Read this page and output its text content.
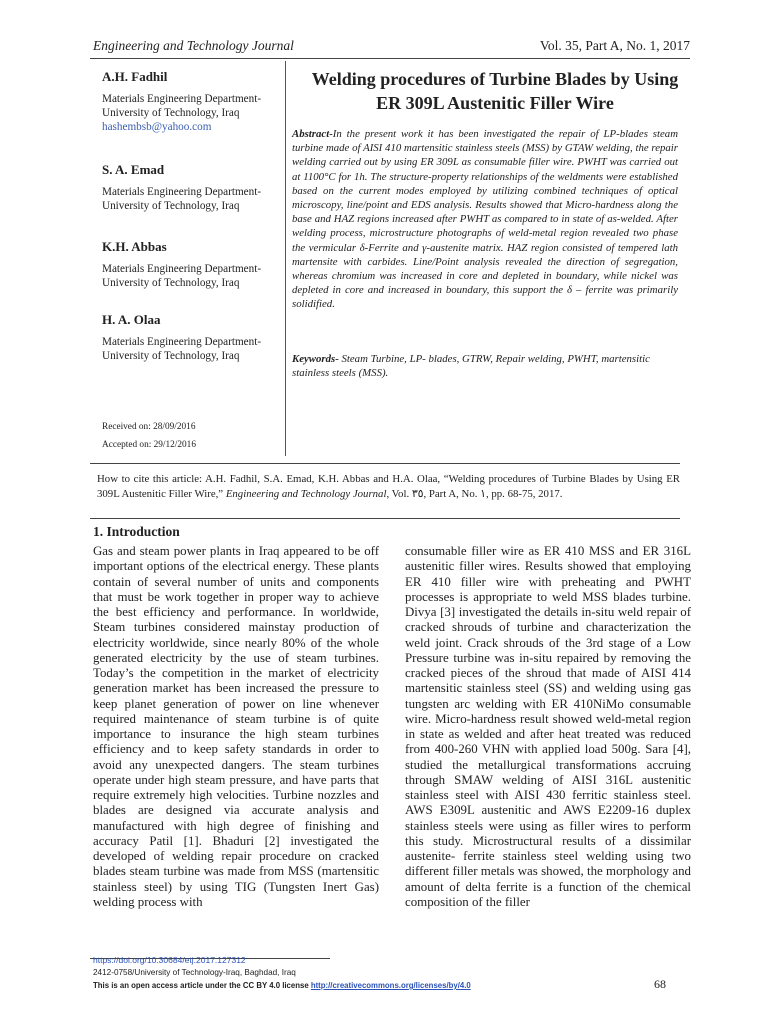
Engineering and Technology Journal	Vol. 35, Part A, No. 1, 2017
A.H. Fadhil
Materials Engineering Department- University of Technology, Iraq
hashembsb@yahoo.com
S. A. Emad
Materials Engineering Department- University of Technology, Iraq
K.H. Abbas
Materials Engineering Department- University of Technology, Iraq
H. A. Olaa
Materials Engineering Department- University of Technology, Iraq
Received on: 28/09/2016
Accepted on: 29/12/2016
Welding procedures of Turbine Blades by Using ER 309L Austenitic Filler Wire
Abstract-In the present work it has been investigated the repair of LP-blades steam turbine made of AISI 410 martensitic stainless steels (MSS) by GTAW welding, the repair welding carried out by using ER 309L as consumable filler wire. PWHT was carried out at 1100°C for 1h. The structure-property relationships of the weldments were established based on the current modes employed by utilizing combined techniques of optical microscopy, line/point and EDS analysis. Results showed that Micro-hardness along the base and HAZ regions increased after PWHT as compared to in state of as-welded. After welding process, microstructure photographs of weld-metal region revealed two phase the vermicular δ-Ferrite and γ-austenite matrix. HAZ region consisted of tempered lath martensite with carbides. Line/Point analysis revealed the direction of segregation, whereas chromium was increased in core and depleted in boundary, while nickel was depleted in core and increased in boundary, this support the δ – ferrite was primarily solidified.
Keywords- Steam Turbine, LP- blades, GTRW, Repair welding, PWHT, martensitic stainless steels (MSS).
How to cite this article: A.H. Fadhil, S.A. Emad, K.H. Abbas and H.A. Olaa, “Welding procedures of Turbine Blades by Using ER 309L Austenitic Filler Wire,” Engineering and Technology Journal, Vol. ٣٥, Part A, No. ١, pp. 68-75, 2017.
1. Introduction

Gas and steam power plants in Iraq appeared to be off important options of the electrical energy. These plants contain of several number of units and components that must be work together in proper way to achieve the best efficiency and performance. In worldwide, Steam turbines considered mainstay production of electricity worldwide, since nearly 80% of the whole generated electricity by the use of steam turbines. Today’s the competition in the market of electricity generation market has been increased the pressure to keep planet generation of power on line whenever required maintenance of steam turbine is of quite importance to insurance the high steam turbines efficiency and to keep safety standards in order to avoid any unexpected dangers. The steam turbines operate under high steam pressure, and have parts that require extremely high velocities. Turbine nozzles and blades are designed via accurate analysis and manufactured with high degree of finishing and accuracy Patil [1]. Bhaduri [2] investigated the developed of welding repair procedure on cracked blades steam turbine was made from MSS (martensitic stainless steel) by using TIG (Tungsten Inert Gas) welding process with

consumable filler wire as ER 410 MSS and ER 316L austenitic filler wires. Results showed that employing ER 410 filler wire with preheating and PWHT processes is appropriate to weld MSS blades turbine. Divya [3] investigated the details in-situ weld repair of cracked shrouds of turbine and characterization the weld joint. Crack shrouds of the 3rd stage of a Low Pressure turbine was in-situ repaired by removing the cracked pieces of the shroud that made of AISI 414 martensitic stainless steel (SS) and welding using gas tungsten arc welding with ER 410NiMo consumable wire. Micro-hardness result showed weld-metal region in state as welded and after heat treated was reduced from 400-260 VHN with applied load 500g. Sara [4], studied the metallurgical transformations accruing through SMAW welding of AISI 316L austenitic stainless steel with AISI 430 ferritic stainless steel. AWS E309L austenitic and AWS E2209-16 duplex stainless steels were using as filler wires to perform this study. Microstructural results of a dissimilar austenite- ferrite stainless steel welding using two different filler metals was showed, the morphology and amount of delta ferrite is a function of the chemical composition of the filler

https://doi.org/10.30684/etj.2017.127312
2412-0758/University of Technology-Iraq, Baghdad, Iraq
This is an open access article under the CC BY 4.0 license http://creativecommons.org/licenses/by/4.0	68
